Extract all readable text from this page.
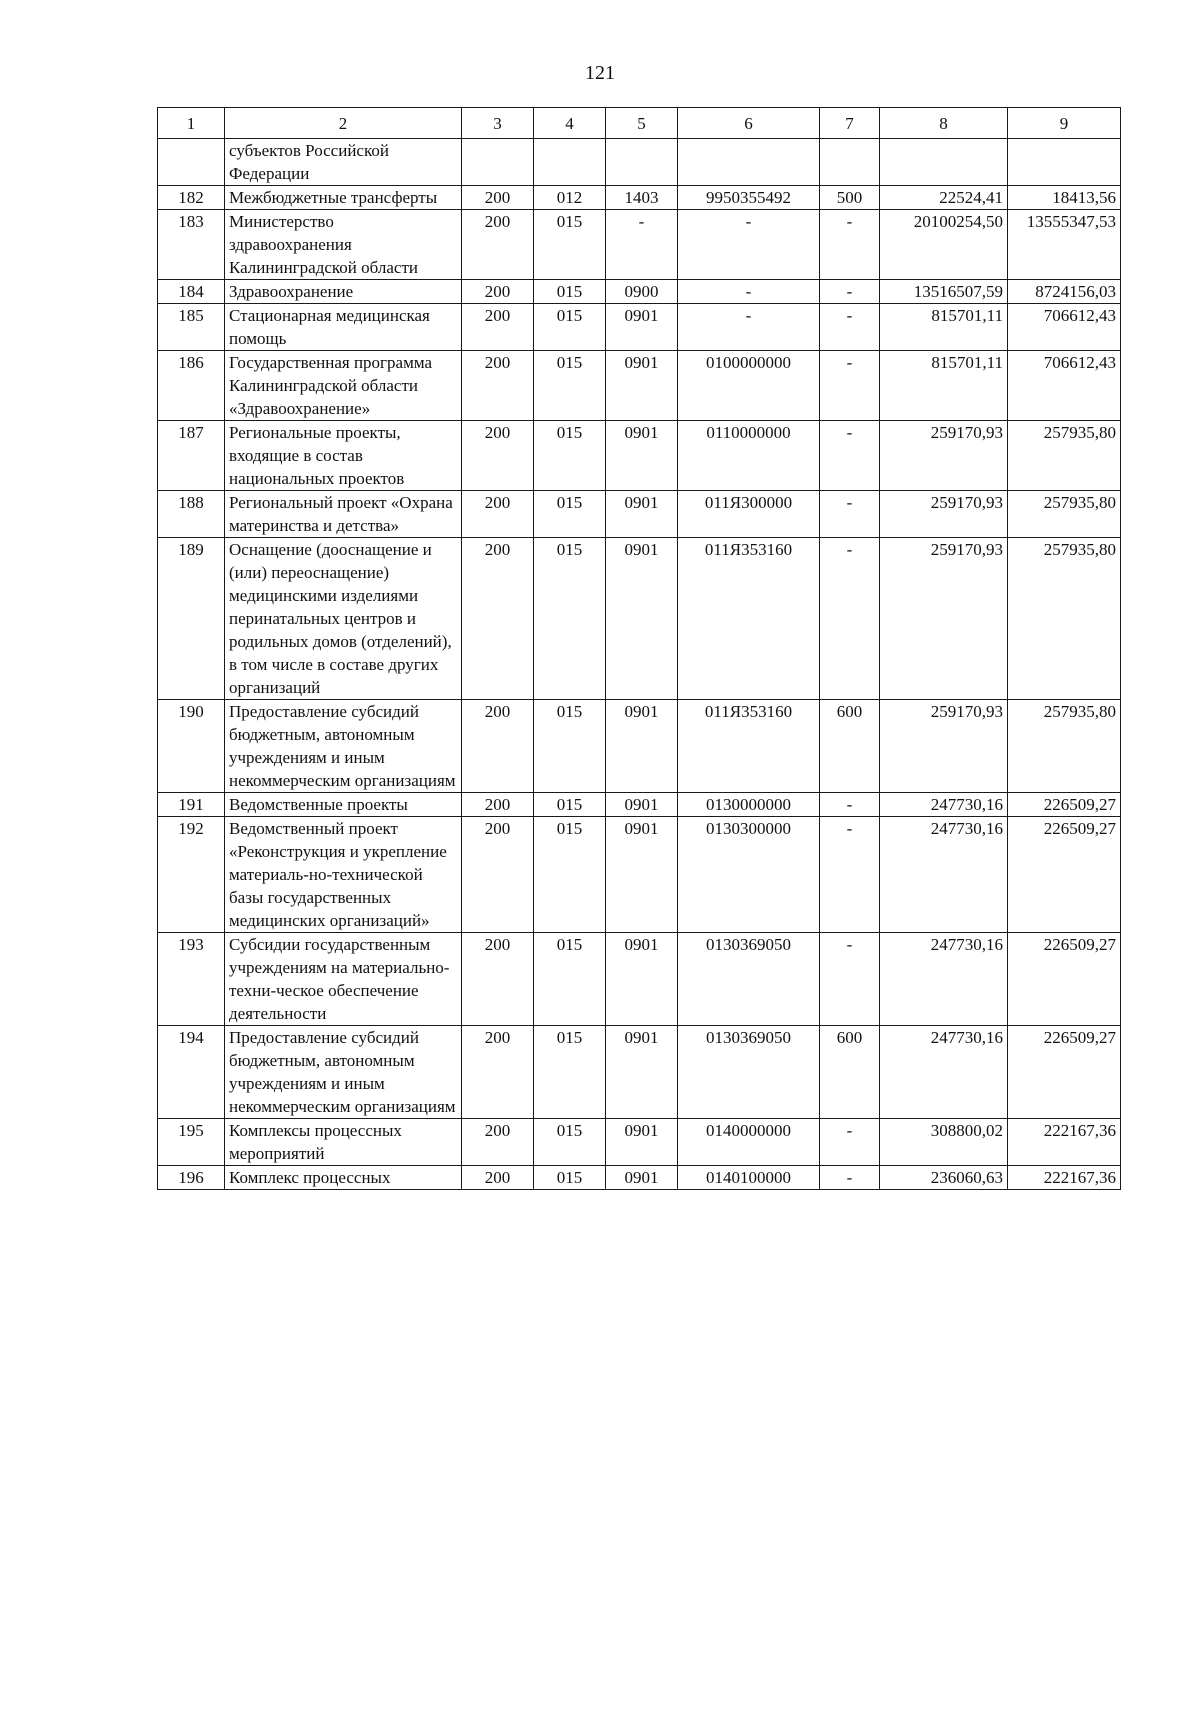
121
1	2	3	4	5	6	7	8	9
	субъектов Российской Федерации							
182	Межбюджетные трансферты	200	012	1403	9950355492	500	22524,41	18413,56
183	Министерство здравоохранения Калининградской области	200	015	-	-	-	20100254,50	13555347,53
184	Здравоохранение	200	015	0900	-	-	13516507,59	8724156,03
185	Стационарная медицинская помощь	200	015	0901	-	-	815701,11	706612,43
186	Государственная программа Калининградской области «Здравоохранение»	200	015	0901	0100000000	-	815701,11	706612,43
187	Региональные проекты, входящие в состав национальных проектов	200	015	0901	0110000000	-	259170,93	257935,80
188	Региональный проект «Охрана материнства и детства»	200	015	0901	011Я300000	-	259170,93	257935,80
189	Оснащение (дооснащение и (или) переоснащение) медицинскими изделиями перинатальных центров и родильных домов (отделений), в том числе в составе других организаций	200	015	0901	011Я353160	-	259170,93	257935,80
190	Предоставление субсидий бюджетным, автономным учреждениям и иным некоммерческим организациям	200	015	0901	011Я353160	600	259170,93	257935,80
191	Ведомственные проекты	200	015	0901	0130000000	-	247730,16	226509,27
192	Ведомственный проект «Реконструкция и укрепление материаль-но-технической базы государственных медицинских организаций»	200	015	0901	0130300000	-	247730,16	226509,27
193	Субсидии государственным учреждениям на материально-техни-ческое обеспечение деятельности	200	015	0901	0130369050	-	247730,16	226509,27
194	Предоставление субсидий бюджетным, автономным учреждениям и иным некоммерческим организациям	200	015	0901	0130369050	600	247730,16	226509,27
195	Комплексы процессных мероприятий	200	015	0901	0140000000	-	308800,02	222167,36
196	Комплекс процессных	200	015	0901	0140100000	-	236060,63	222167,36
